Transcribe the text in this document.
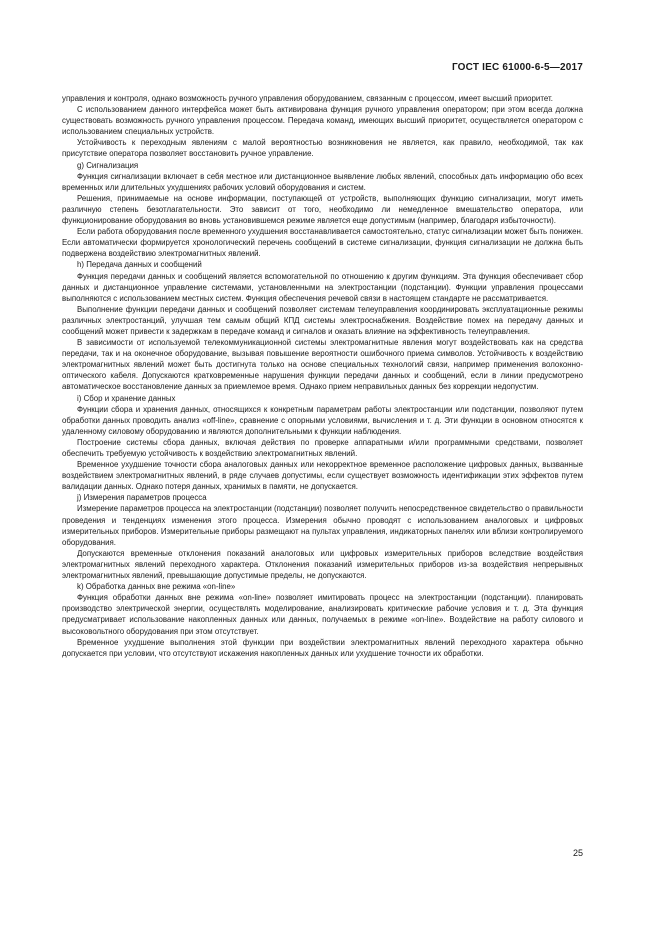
ГОСТ IEC 61000-6-5—2017

управления и контроля, однако возможность ручного управления оборудованием, связанным с процессом, имеет высший приоритет.

С использованием данного интерфейса может быть активирована функция ручного управления оператором; при этом всегда должна существовать возможность ручного управления процессом. Передача команд, имеющих высший приоритет, осуществляется оператором с использованием специальных устройств.

Устойчивость к переходным явлениям с малой вероятностью возникновения не является, как правило, необходимой, так как присутствие оператора позволяет восстановить ручное управление.

g) Сигнализация

Функция сигнализации включает в себя местное или дистанционное выявление любых явлений, способных дать информацию обо всех временных или длительных ухудшениях рабочих условий оборудования и систем.

Решения, принимаемые на основе информации, поступающей от устройств, выполняющих функцию сигнализации, могут иметь различную степень безотлагательности. Это зависит от того, необходимо ли немедленное вмешательство оператора, или функционирование оборудования во вновь установившемся режиме является еще допустимым (например, благодаря избыточности).

Если работа оборудования после временного ухудшения восстанавливается самостоятельно, статус сигнализации может быть понижен. Если автоматически формируется хронологический перечень сообщений в системе сигнализации, функция сигнализации не должна быть подвержена воздействию электромагнитных явлений.

h) Передача данных и сообщений

Функция передачи данных и сообщений является вспомогательной по отношению к другим функциям. Эта функция обеспечивает сбор данных и дистанционное управление системами, установленными на электростанции (подстанции). Функции управления процессами выполняются с использованием местных систем. Функция обеспечения речевой связи в настоящем стандарте не рассматривается.

Выполнение функции передачи данных и сообщений позволяет системам телеуправления координировать эксплуатационные режимы различных электростанций, улучшая тем самым общий КПД системы электроснабжения. Воздействие помех на передачу данных и сообщений может привести к задержкам в передаче команд и сигналов и оказать влияние на эффективность телеуправления.

В зависимости от используемой телекоммуникационной системы электромагнитные явления могут воздействовать как на средства передачи, так и на оконечное оборудование, вызывая повышение вероятности ошибочного приема символов. Устойчивость к воздействию электромагнитных явлений может быть достигнута только на основе специальных технологий связи, например применения волоконно-оптического кабеля. Допускаются кратковременные нарушения функции передачи данных и сообщений, если в линии предусмотрено автоматическое восстановление данных за приемлемое время. Однако прием неправильных данных без коррекции недопустим.

i) Сбор и хранение данных

Функции сбора и хранения данных, относящихся к конкретным параметрам работы электростанции или подстанции, позволяют путем обработки данных проводить анализ «off-line», сравнение с опорными условиями, вычисления и т. д. Эти функции в основном относятся к удаленному силовому оборудованию и являются дополнительными к функции наблюдения.

Построение системы сбора данных, включая действия по проверке аппаратными и/или программными средствами, позволяет обеспечить требуемую устойчивость к воздействию электромагнитных явлений.

Временное ухудшение точности сбора аналоговых данных или некорректное временное расположение цифровых данных, вызванные воздействием электромагнитных явлений, в ряде случаев допустимы, если существует возможность идентификации этих эффектов путем валидации данных. Однако потеря данных, хранимых в памяти, не допускается.

j) Измерения параметров процесса

Измерение параметров процесса на электростанции (подстанции) позволяет получить непосредственное свидетельство о правильности проведения и тенденциях изменения этого процесса. Измерения обычно проводят с использованием аналоговых и цифровых измерительных приборов. Измерительные приборы размещают на пультах управления, индикаторных панелях или вблизи контролируемого оборудования.

Допускаются временные отклонения показаний аналоговых или цифровых измерительных приборов вследствие воздействия электромагнитных явлений переходного характера. Отклонения показаний измерительных приборов из-за воздействия непрерывных электромагнитных явлений, превышающие допустимые пределы, не допускаются.

k) Обработка данных вне режима «on-line»

Функция обработки данных вне режима «on-line» позволяет имитировать процесс на электростанции (подстанции). планировать производство электрической энергии, осуществлять моделирование, анализировать критические рабочие условия и т. д. Эта функция предусматривает использование накопленных данных или данных, получаемых в режиме «on-line». Воздействие на работу силового и высоковольтного оборудования при этом отсутствует.

Временное ухудшение выполнения этой функции при воздействии электромагнитных явлений переходного характера обычно допускается при условии, что отсутствуют искажения накопленных данных или ухудшение точности их обработки.

25
